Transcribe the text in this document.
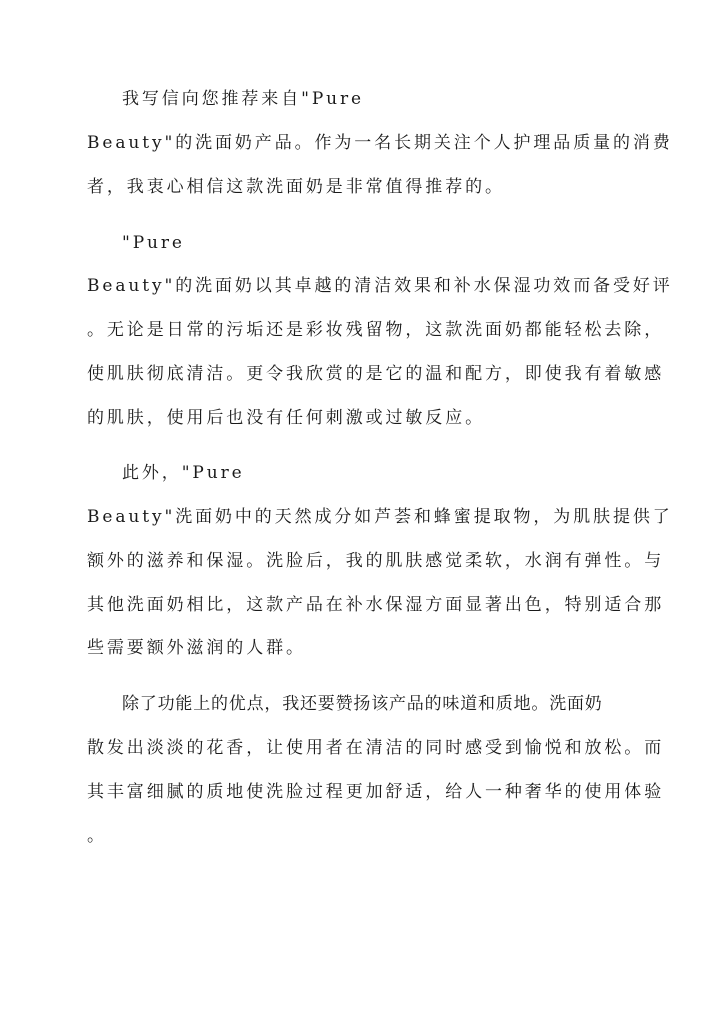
我写信向您推荐来自"Pure
Beauty"的洗面奶产品。作为一名长期关注个人护理品质量的消费
者，我衷心相信这款洗面奶是非常值得推荐的。
"Pure
Beauty"的洗面奶以其卓越的清洁效果和补水保湿功效而备受好评
。无论是日常的污垢还是彩妆残留物，这款洗面奶都能轻松去除，
使肌肤彻底清洁。更令我欣赏的是它的温和配方，即使我有着敏感
的肌肤，使用后也没有任何刺激或过敏反应。
此外，"Pure
Beauty"洗面奶中的天然成分如芦荟和蜂蜜提取物，为肌肤提供了
额外的滋养和保湿。洗脸后，我的肌肤感觉柔软，水润有弹性。与
其他洗面奶相比，这款产品在补水保湿方面显著出色，特别适合那
些需要额外滋润的人群。
除了功能上的优点，我还要赞扬该产品的味道和质地。洗面奶
散发出淡淡的花香，让使用者在清洁的同时感受到愉悦和放松。而
其丰富细腻的质地使洗脸过程更加舒适，给人一种奢华的使用体验
。
